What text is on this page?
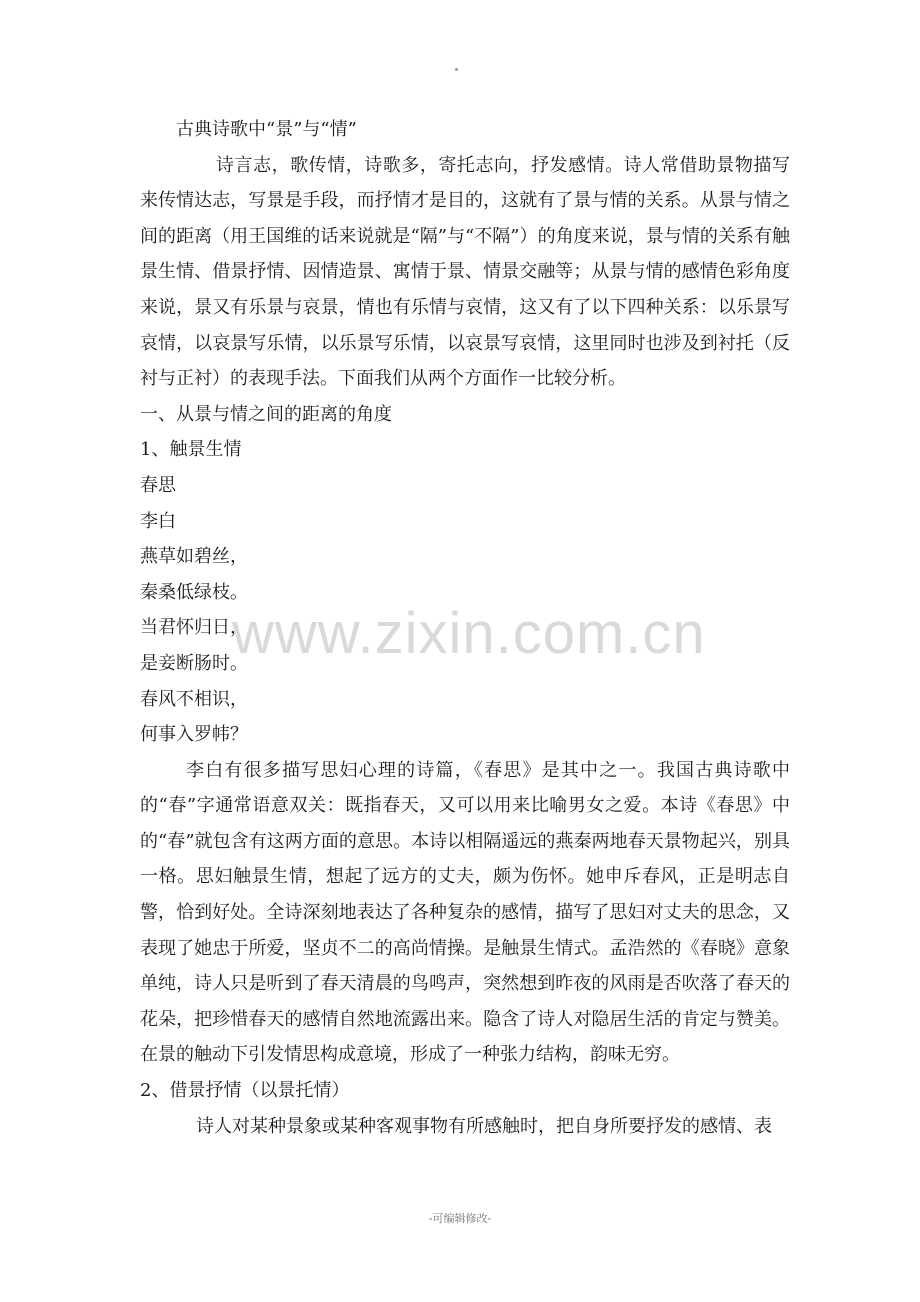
www.zixin.com.cn
古典诗歌中“景”与“情”

诗言志，歌传情，诗歌多，寄托志向，抒发感情。诗人常借助景物描写来传情达志，写景是手段，而抒情才是目的，这就有了景与情的关系。从景与情之间的距离（用王国维的话来说就是“隔”与“不隔”）的角度来说，景与情的关系有触景生情、借景抒情、因情造景、寓情于景、情景交融等；从景与情的感情色彩角度来说，景又有乐景与哀景，情也有乐情与哀情，这又有了以下四种关系：以乐景写哀情，以哀景写乐情，以乐景写乐情，以哀景写哀情，这里同时也涉及到衬托（反衬与正衬）的表现手法。下面我们从两个方面作一比较分析。

一、从景与情之间的距离的角度
1、触景生情
春思
李白
燕草如碧丝，
秦桑低绿枝。
当君怀归日，
是妾断肠时。
春风不相识，
何事入罗帏？

李白有很多描写思妇心理的诗篇，《春思》是其中之一。我国古典诗歌中的“春”字通常语意双关：既指春天，又可以用来比喻男女之爱。本诗《春思》中的“春”就包含有这两方面的意思。本诗以相隔遥远的燕秦两地春天景物起兴，别具一格。思妇触景生情，想起了远方的丈夫，颇为伤怀。她申斥春风，正是明志自警，恰到好处。全诗深刻地表达了各种复杂的感情，描写了思妇对丈夫的思念，又表现了她忠于所爱，坚贞不二的高尚情操。是触景生情式。孟浩然的《春晓》意象单纯，诗人只是听到了春天清晨的鸟鸣声，突然想到昨夜的风雨是否吹落了春天的花朵，把珍惜春天的感情自然地流露出来。隐含了诗人对隐居生活的肯定与赞美。在景的触动下引发情思构成意境，形成了一种张力结构，韵味无穷。

2、借景抒情（以景托情）

诗人对某种景象或某种客观事物有所感触时，把自身所要抒发的感情、表

-可编辑修改-
